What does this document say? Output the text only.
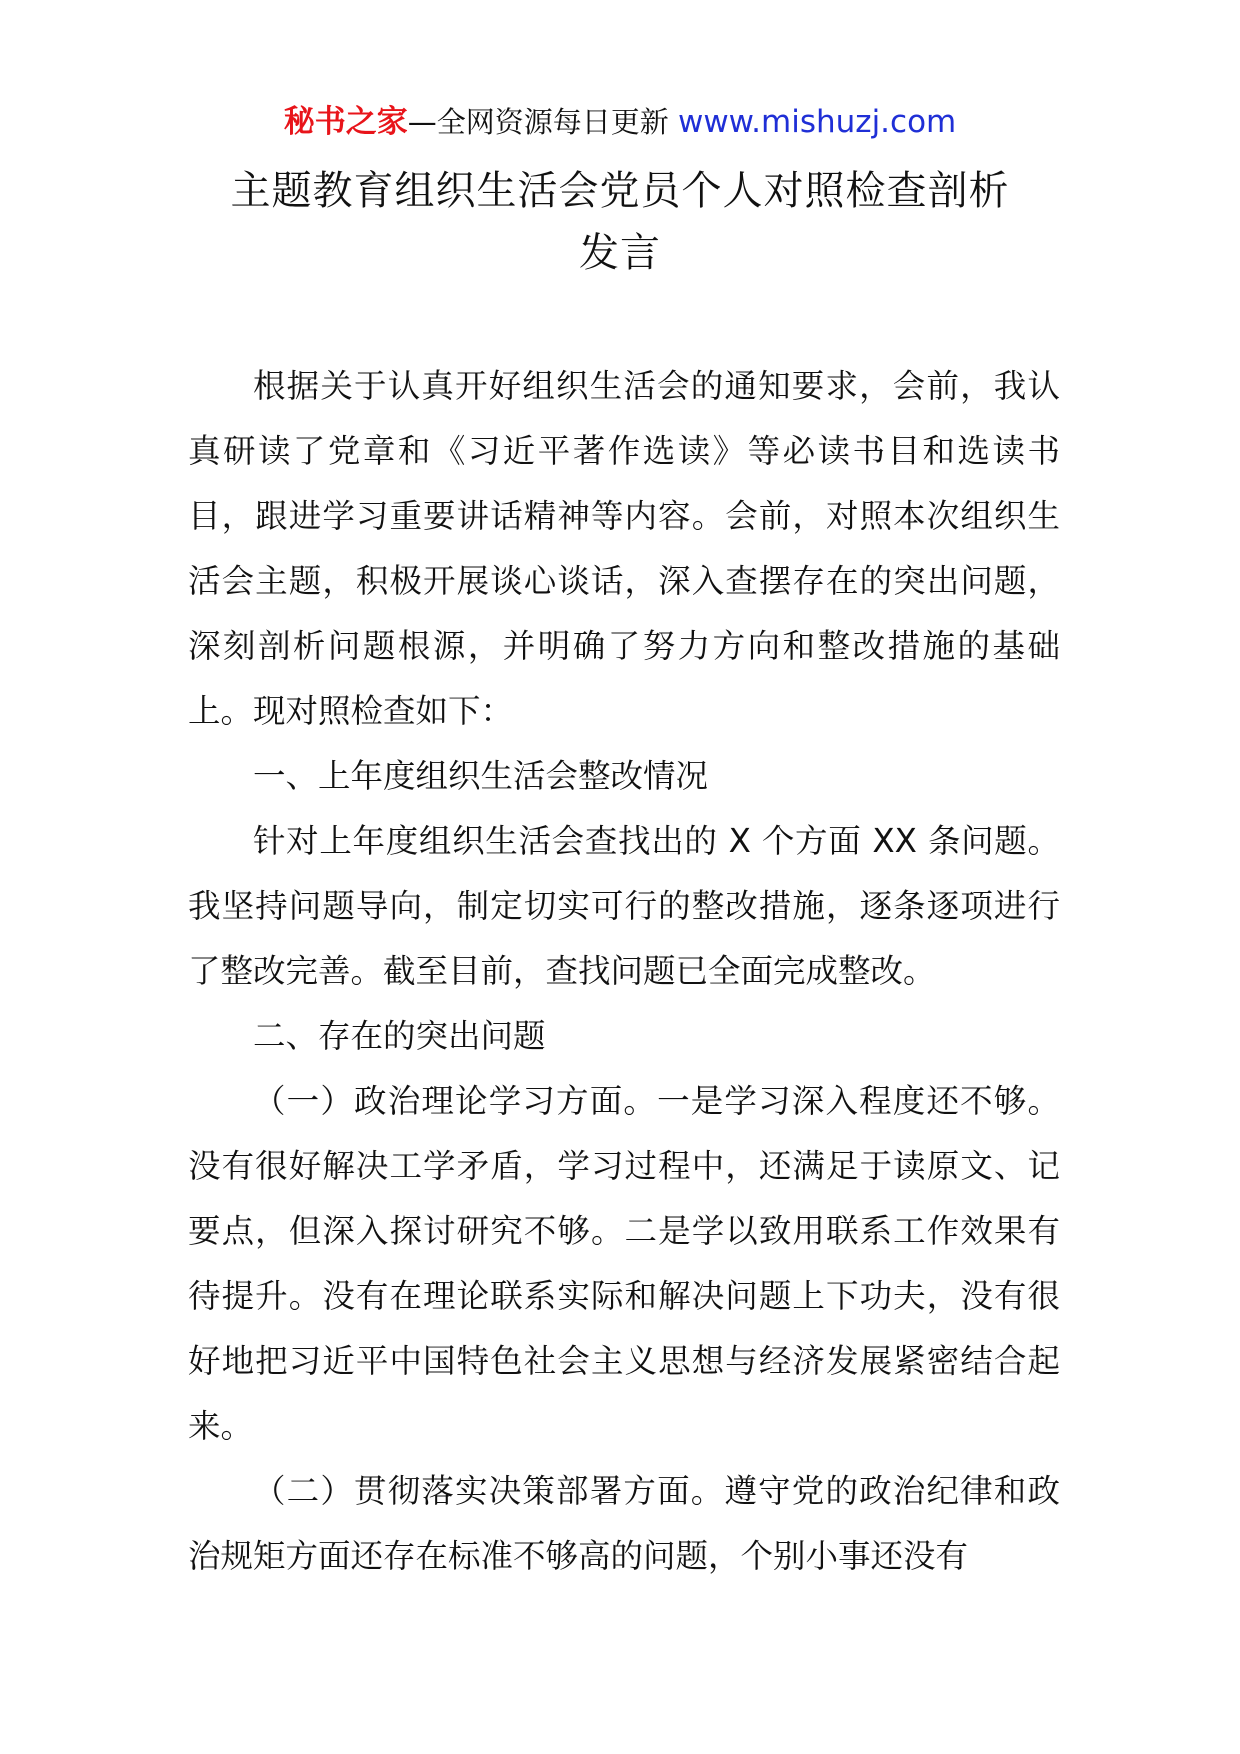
秘书之家—全网资源每日更新 www.mishuzj.com
主题教育组织生活会党员个人对照检查剖析
发言

根据关于认真开好组织生活会的通知要求，会前，我认真研读了党章和《习近平著作选读》等必读书目和选读书目，跟进学习重要讲话精神等内容。会前，对照本次组织生活会主题，积极开展谈心谈话，深入查摆存在的突出问题，深刻剖析问题根源，并明确了努力方向和整改措施的基础上。现对照检查如下：

一、上年度组织生活会整改情况

针对上年度组织生活会查找出的 X 个方面 XX 条问题。我坚持问题导向，制定切实可行的整改措施，逐条逐项进行了整改完善。截至目前，查找问题已全面完成整改。

二、存在的突出问题

（一）政治理论学习方面。一是学习深入程度还不够。没有很好解决工学矛盾，学习过程中，还满足于读原文、记要点，但深入探讨研究不够。二是学以致用联系工作效果有待提升。没有在理论联系实际和解决问题上下功夫，没有很好地把习近平中国特色社会主义思想与经济发展紧密结合起来。

（二）贯彻落实决策部署方面。遵守党的政治纪律和政治规矩方面还存在标准不够高的问题，个别小事还没有
